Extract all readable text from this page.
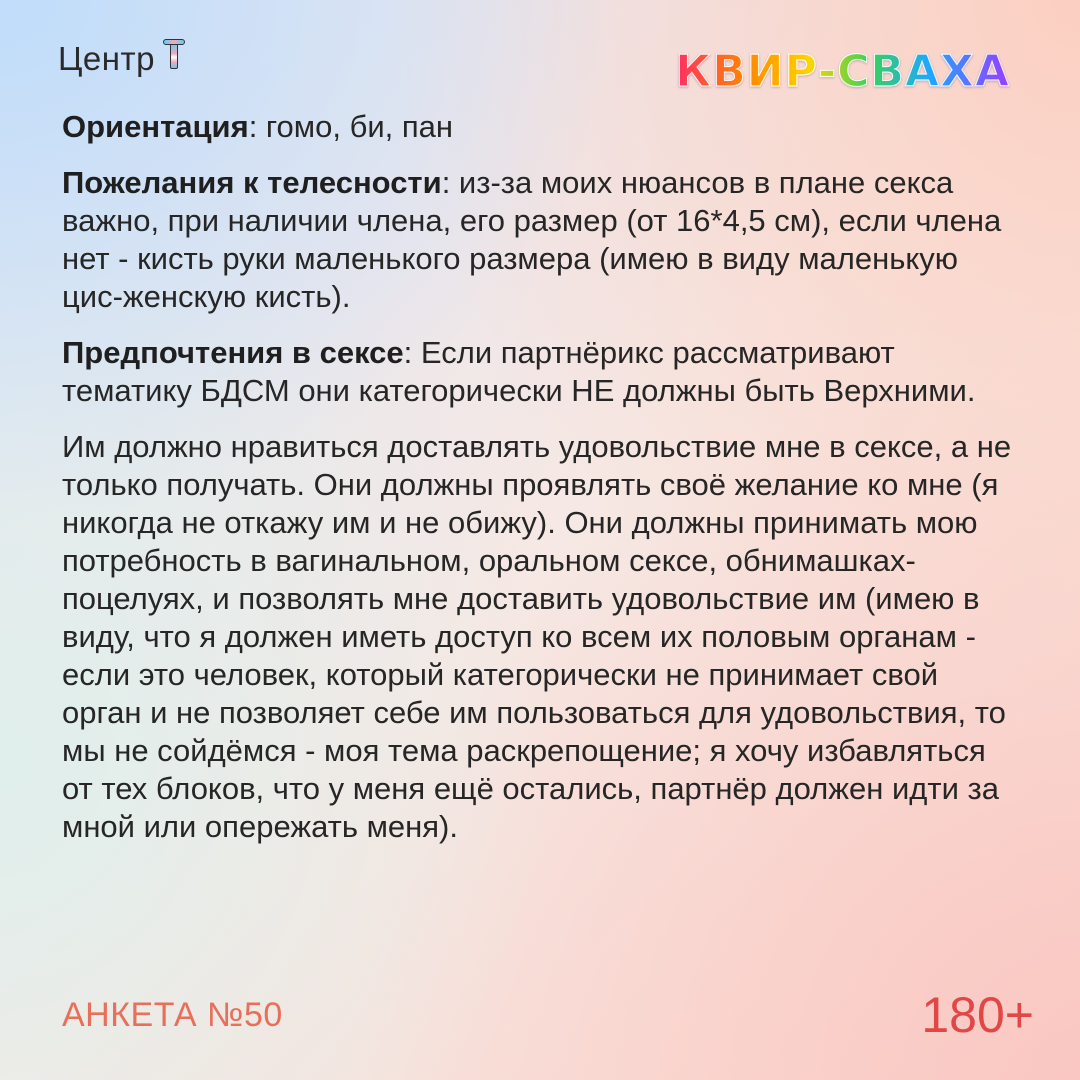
Центр	КВИР-СВАХА

Ориентация: гомо, би, пан

Пожелания к телесности: из-за моих нюансов в плане секса важно, при наличии члена, его размер (от 16*4,5 см), если члена нет - кисть руки маленького размера (имею в виду маленькую цис-женскую кисть).

Предпочтения в сексе: Если партнёрикс рассматривают тематику БДСМ они категорически НЕ должны быть Верхними.

Им должно нравиться доставлять удовольствие мне в сексе, а не только получать. Они должны проявлять своё желание ко мне (я никогда не откажу им и не обижу). Они должны принимать мою потребность в вагинальном, оральном сексе, обнимашках-поцелуях, и позволять мне доставить удовольствие им (имею в виду, что я должен иметь доступ ко всем их половым органам - если это человек, который категорически не принимает свой орган и не позволяет себе им пользоваться для удовольствия, то мы не сойдёмся - моя тема раскрепощение; я хочу избавляться от тех блоков, что у меня ещё остались, партнёр должен идти за мной или опережать меня).

АНКЕТА №50	180+
